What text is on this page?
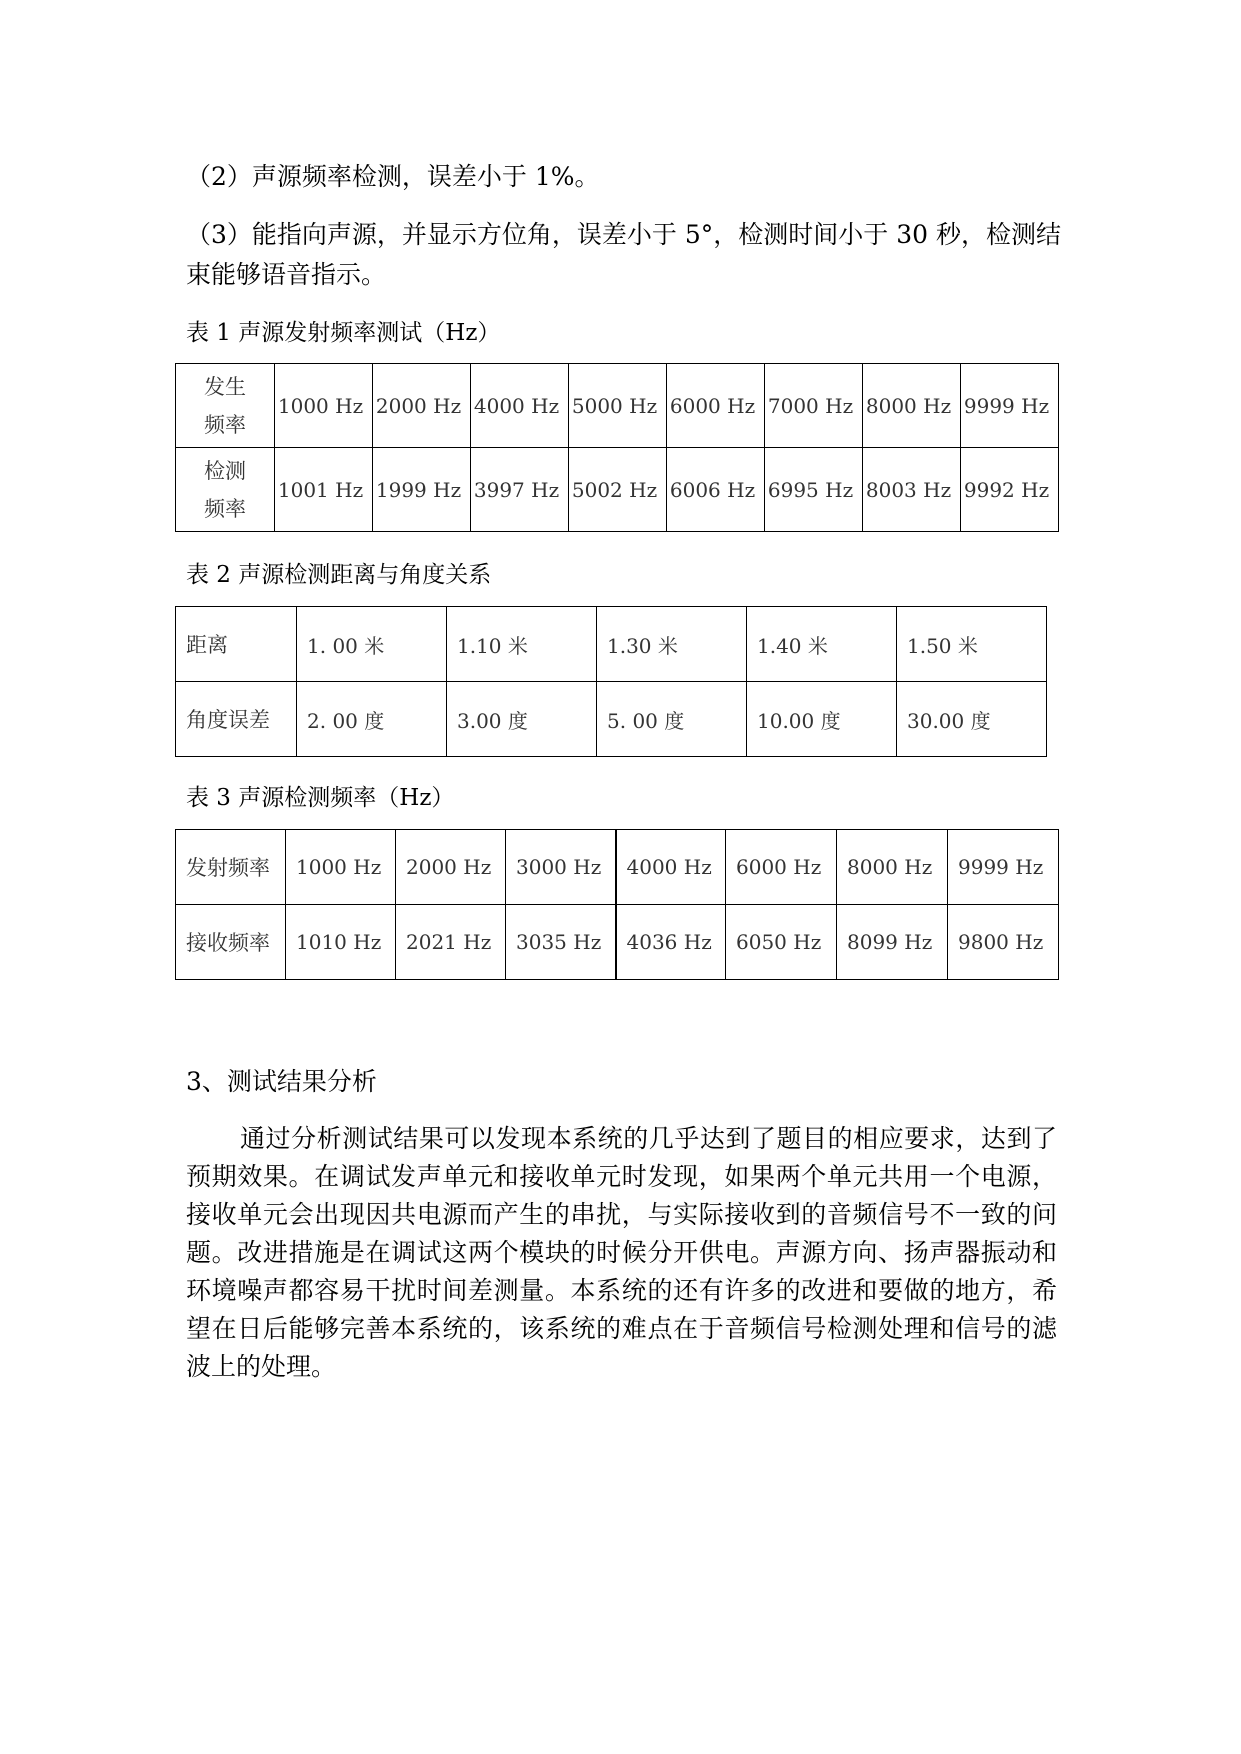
（2）声源频率检测，误差小于 1%。

（3）能指向声源，并显示方位角，误差小于 5°，检测时间小于 30 秒，检测结

束能够语音指示。

表 1 声源发射频率测试（Hz）

发生
频率	1000 Hz	2000 Hz	4000 Hz	5000 Hz	6000 Hz	7000 Hz	8000 Hz	9999 Hz
检测
频率	1001 Hz	1999 Hz	3997 Hz	5002 Hz	6006 Hz	6995 Hz	8003 Hz	9992 Hz

表 2 声源检测距离与角度关系

距离	1. 00 米	1.10 米	1.30 米	1.40 米	1.50 米
角度误差	2. 00 度	3.00 度	5. 00 度	10.00 度	30.00 度

表 3 声源检测频率（Hz）

发射频率	1000 Hz	2000 Hz	3000 Hz	4000 Hz	6000 Hz	8000 Hz	9999 Hz
接收频率	1010 Hz	2021 Hz	3035 Hz	4036 Hz	6050 Hz	8099 Hz	9800 Hz

3、测试结果分析

通过分析测试结果可以发现本系统的几乎达到了题目的相应要求，达到了预期效果。在调试发声单元和接收单元时发现，如果两个单元共用一个电源，接收单元会出现因共电源而产生的串扰，与实际接收到的音频信号不一致的问题。改进措施是在调试这两个模块的时候分开供电。声源方向、扬声器振动和环境噪声都容易干扰时间差测量。本系统的还有许多的改进和要做的地方，希望在日后能够完善本系统的，该系统的难点在于音频信号检测处理和信号的滤波上的处理。
